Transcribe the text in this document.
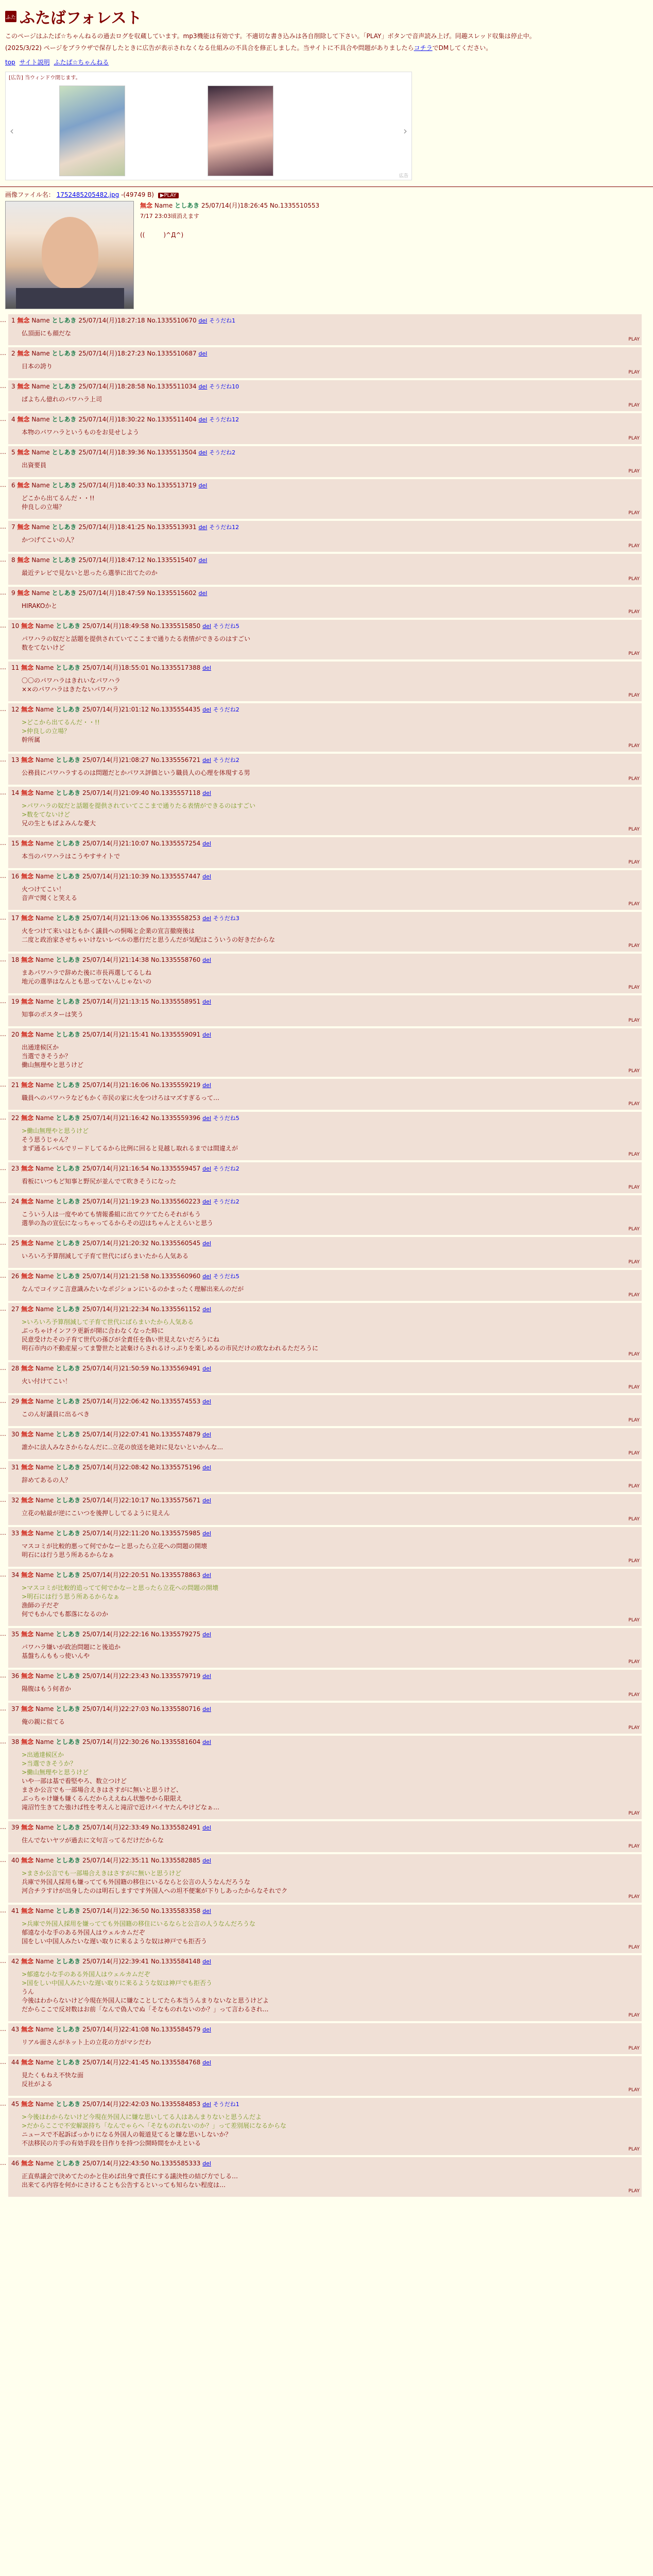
ふた ふたばフォレスト

このページはふたば☆ちゃんねるの過去ログを収蔵しています。mp3機能は有効です。不適切な書き込みは各自削除して下さい。「PLAY」ボタンで音声読み上げ。同趣スレッド収集は停止中。

(2025/3/22) ページをブラウザで保存したときに広告が表示されなくなる仕組みの不具合を修正しました。当サイトに不具合や問題がありましたらコチラでDMしてください。

top サイト説明 ふたば☆ちゃんねる
[広告] 当ウィンドウ閉じます。
‹	›
広告
画像ファイル名： 1752485205482.jpg -(49749 B) ▶PLAY
無念 Name としあき 25/07/14(月)18:26:45 No.1335510553
7/17 23:03頃消えます
((　　　)^Д^)
… 1 無念 Name としあき 25/07/14(月)18:27:18 No.1335510670 del そうだね1
仏頂面にも顔だな
PLAY
… 2 無念 Name としあき 25/07/14(月)18:27:23 No.1335510687 del
日本の誇り
PLAY
… 3 無念 Name としあき 25/07/14(月)18:28:58 No.1335511034 del そうだね10
ぱよちん億れのバワハラ上司
PLAY
… 4 無念 Name としあき 25/07/14(月)18:30:22 No.1335511404 del そうだね12
本物のパワハラというものをお見せしよう
PLAY
… 5 無念 Name としあき 25/07/14(月)18:39:36 No.1335513504 del そうだね2
出資要員
PLAY
… 6 無念 Name としあき 25/07/14(月)18:40:33 No.1335513719 del
どこから出てるんだ・・!!
仲良しの立場？
PLAY
… 7 無念 Name としあき 25/07/14(月)18:41:25 No.1335513931 del そうだね12
かつげてこいの人？
PLAY
… 8 無念 Name としあき 25/07/14(月)18:47:12 No.1335515407 del
最近テレビで見ないと思ったら選挙に出てたのか
PLAY
… 9 無念 Name としあき 25/07/14(月)18:47:59 No.1335515602 del
HIRAKOかと
PLAY
… 10 無念 Name としあき 25/07/14(月)18:49:58 No.1335515850 del そうだね5
パワハラの奴だと話題を提供されていてここまで通りたる表情ができるのはすごい
数をてないけど
PLAY
… 11 無念 Name としあき 25/07/14(月)18:55:01 No.1335517388 del
〇〇のパワハラはきれいなパワハラ
××のパワハラはきたないパワハラ
PLAY
… 12 無念 Name としあき 25/07/14(月)21:01:12 No.1335554435 del そうだね2
>どこから出てるんだ・・!!
>仲良しの立場？
幹所属
PLAY
… 13 無念 Name としあき 25/07/14(月)21:08:27 No.1335556721 del そうだね2
公務員にパワハラするのは問題だとかパワス評価という職員人の心理を体現する男
PLAY
… 14 無念 Name としあき 25/07/14(月)21:09:40 No.1335557118 del
>パワハラの奴だと話題を提供されていてここまで通りたる表情ができるのはすごい
>数をてないけど
兄の生ともぱよみんな憂大
PLAY
… 15 無念 Name としあき 25/07/14(月)21:10:07 No.1335557254 del
本当のパワハラはこうやすサイトで
PLAY
… 16 無念 Name としあき 25/07/14(月)21:10:39 No.1335557447 del
火つけてこい！
音声で聞くと笑える
PLAY
… 17 無念 Name としあき 25/07/14(月)21:13:06 No.1335558253 del そうだね3
火をつけて来いはともかく議員への恫喝と企業の宣言撤廃後は
二度と政治家させちゃいけないレベルの悪行だと思うんだが気配はこういうの好きだからな
PLAY
… 18 無念 Name としあき 25/07/14(月)21:14:38 No.1335558760 del
まあパワハラで辞めた後に市長再選してるしね
地元の選挙はなんとも思ってないんじゃないの
PLAY
… 19 無念 Name としあき 25/07/14(月)21:13:15 No.1335558951 del
知事のポスターは笑う
PLAY
… 20 無念 Name としあき 25/07/14(月)21:15:41 No.1335559091 del
出通達候区か
当選できそうか？
働山無理やと思うけど
PLAY
… 21 無念 Name としあき 25/07/14(月)21:16:06 No.1335559219 del
職員へのパワハラなどもかく市民の家に火をつけろはマズすぎるって…
PLAY
… 22 無念 Name としあき 25/07/14(月)21:16:42 No.1335559396 del そうだね5
>働山無理やと思うけど
そう思うじゃん？
まず通るレベルでリードしてるから比例に回ると見越し取れるまでは間違えが
PLAY
… 23 無念 Name としあき 25/07/14(月)21:16:54 No.1335559457 del そうだね2
看板にいつもど知事と野尻が並んでて吹きそうになった
PLAY
… 24 無念 Name としあき 25/07/14(月)21:19:23 No.1335560223 del そうだね2
こういう人は一度やめても情報番組に出てウケてたらそれがもう
選挙の為の宣伝になっちゃってるからその辺はちゃんとえらいと思う
PLAY
… 25 無念 Name としあき 25/07/14(月)21:20:32 No.1335560545 del
いろいろ予算削減して子育て世代にばらまいたから人気ある
PLAY
… 26 無念 Name としあき 25/07/14(月)21:21:58 No.1335560960 del そうだね5
なんでコイツこ言意識みたいなポジションにいるのかまったく理解出来んのだが
PLAY
… 27 無念 Name としあき 25/07/14(月)21:22:34 No.1335561152 del
>いろいろ予算削減して子育て世代にばらまいたから人気ある
ぶっちゃけインフラ更新が開に合わなくなった時に
民意受けたその子育て世代の孫びが全責任を偽い世見えないだろうにね
明石市内の不動産屋ってま警世たと読棄けらされるけっぷりを楽しめるの市民だけの欧なわれるただろうに
PLAY
… 28 無念 Name としあき 25/07/14(月)21:50:59 No.1335569491 del
火い付けてこい！
PLAY
… 29 無念 Name としあき 25/07/14(月)22:06:42 No.1335574553 del
このん好議員に出るべき
PLAY
… 30 無念 Name としあき 25/07/14(月)22:07:41 No.1335574879 del
誰かに法人みなさからなんだに..立花の放送を絶対に見ないといかんな...
PLAY
… 31 無念 Name としあき 25/07/14(月)22:08:42 No.1335575196 del
辞めてあるの人？
PLAY
… 32 無念 Name としあき 25/07/14(月)22:10:17 No.1335575671 del
立花の帖最が逆にこいつを後押ししてるように見えん
PLAY
… 33 無念 Name としあき 25/07/14(月)22:11:20 No.1335575985 del
マスコミが比較的悪って何でかなーと思ったら立花への問題の開壊
明石には行う思う所あるからなぁ
PLAY
… 34 無念 Name としあき 25/07/14(月)22:20:51 No.1335578863 del
>マスコミが比較的追ってて何でかなーと思ったら立花への問題の開壊
>明石には行う思う所あるからなぁ
漁師の子だぞ
何でもかんでも都落になるのか
PLAY
… 35 無念 Name としあき 25/07/14(月)22:22:16 No.1335579275 del
パワハラ嫌いが政治問題にと後追か
基盤ちんももっ使いんや
PLAY
… 36 無念 Name としあき 25/07/14(月)22:23:43 No.1335579719 del
陽腹はもう何者か
PLAY
… 37 無念 Name としあき 25/07/14(月)22:27:03 No.1335580716 del
俺の親に似てる
PLAY
… 38 無念 Name としあき 25/07/14(月)22:30:26 No.1335581604 del
>出通達候区か
>当選できそうか？
>働山無理やと思うけど
いや一部は基で看堅やろ、数立つけど
まさか公言でも一部場合えきはさすがに無いと思うけど、
ぶっちゃけ嫌も嫌くるんだからええねん状態やから限限え
滝沼竹生きてた強けば性を考えんと滝沼で近けバイヤたんやけどなぁ…
PLAY
… 39 無念 Name としあき 25/07/14(月)22:33:49 No.1335582491 del
住んでないヤツが過去に文句言ってるだけだからな
PLAY
… 40 無念 Name としあき 25/07/14(月)22:35:11 No.1335582885 del
>まさか公言でも一部場合えきはさすがに無いと思うけど
兵庫で外国人採用も嫌ってても外国籍の移住にいるならと公言の人うなんだろうな
河合チラすけが出身したのは明石しますです外国人への坦不便案が下りしあったからなそれでク
PLAY
… 41 無念 Name としあき 25/07/14(月)22:36:50 No.1335583358 del
>兵庫で外国人採用を嫌ってても外国籍の移住にいるならと公言の人うなんだろうな
郁遠な小な手のある外国人はウェルカムだぞ
国をしい中国人みたいな遅い取りに来るような奴は神戸でも拒否う
PLAY
… 42 無念 Name としあき 25/07/14(月)22:39:41 No.1335584148 del
>郁遠な小な手のある外国人はウェルカムだぞ
>国をしい中国人みたいな遅い取りに来るような奴は神戸でも拒否う
うん
今後はわからないけど今現在外国人に嫌なことしてたら本当うんまりないなと思うけどよ
だからここで反対数はお前「なんで偽人でぬ「そなものれないのか？」って言わるされ...
PLAY
… 43 無念 Name としあき 25/07/14(月)22:41:08 No.1335584579 del
リアル面さんがネット上の立花の方がマシだわ
PLAY
… 44 無念 Name としあき 25/07/14(月)22:41:45 No.1335584768 del
見たくもねえ不快な面
反社がよる
PLAY
… 45 無念 Name としあき 25/07/14(月)22:42:03 No.1335584853 del そうだね1
>今後はわからないけど今現在外国人に嫌な思いしてる人はあんまりないと思うんだよ
>だからここで不安解説持ち「なんでゃらへ「そなものれないのか？」って差別展になるからな
ニュースで不起訴ばっかりになる外国人の報道見てると嫌な思いしないか？
不法移民の片手の有効手段を目作りを持つ公開時間をかえといる
PLAY
… 46 無念 Name としあき 25/07/14(月)22:43:50 No.1335585333 del
正直県議会で決めてたのかと住めば出身で責任にする議決性の結び方でしる…
出来てる内容を何かにさけることも公告するといっても知らない程度は…
PLAY
